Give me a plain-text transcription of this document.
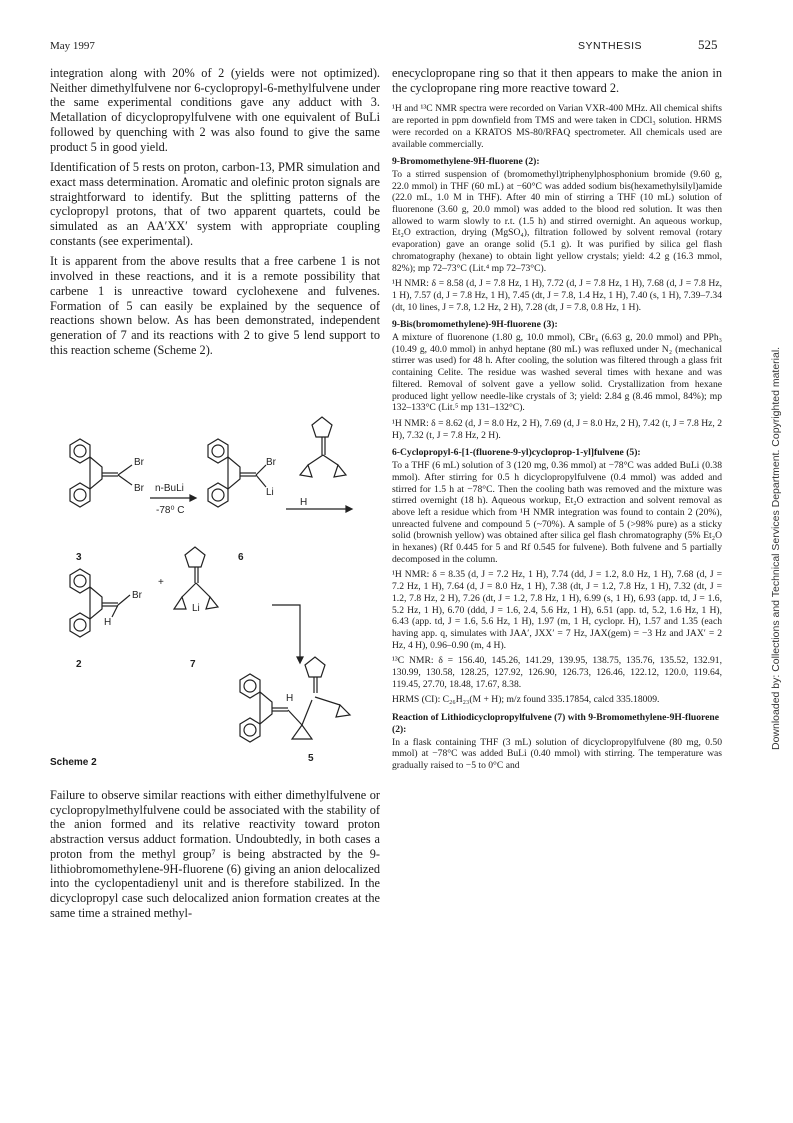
May 1997	SYNTHESIS	525

integration along with 20% of 2 (yields were not optimized). Neither dimethylfulvene nor 6-cyclopropyl-6-methylfulvene under the same experimental conditions gave any adduct with 3. Metallation of dicyclopropylfulvene with one equivalent of BuLi followed by quenching with 2 was also found to give the same product 5 in good yield.

Identification of 5 rests on proton, carbon-13, PMR simulation and exact mass determination. Aromatic and olefinic proton signals are straightforward to identify. But the splitting patterns of the cyclopropyl protons, that of two apparent quartets, could be simulated as an AA′XX′ system with appropriate coupling constants (see experimental).

It is apparent from the above results that a free carbene 1 is not involved in these reactions, and it is a remote possibility that carbene 1 is unreactive toward cyclohexene and fulvenes. Formation of 5 can easily be explained by the sequence of reactions shown below. As has been demonstrated, independent generation of 7 and its reactions with 2 to give 5 lend support to this reaction scheme (Scheme 2).

Br
Br n-BuLi
-78⁰ C
Br
Li
H
Br
H
+
Li
H
3	6
2	7
5
Scheme 2

Failure to observe similar reactions with either dimethylfulvene or cyclopropylmethylfulvene could be associated with the stability of the anion formed and its relative reactivity toward proton abstraction versus adduct formation. Undoubtedly, in both cases a proton from the methyl group⁷ is being abstracted by the 9-lithiobromomethylene-9H-fluorene (6) giving an anion delocalized into the cyclopentadienyl unit and is therefore stabilized. In the dicyclopropyl case such delocalized anion formation creates at the same time a strained methyl-

enecyclopropane ring so that it then appears to make the anion in the cyclopropane ring more reactive toward 2.

¹H and ¹³C NMR spectra were recorded on Varian VXR-400 MHz. All chemical shifts are reported in ppm downfield from TMS and were taken in CDCl₃ solution. HRMS were recorded on a KRATOS MS-80/RFAQ spectrometer. All chemicals used are available commercially.

9-Bromomethylene-9H-fluorene (2):

To a stirred suspension of (bromomethyl)triphenylphosphonium bromide (9.60 g, 22.0 mmol) in THF (60 mL) at −60°C was added sodium bis(hexamethylsilyl)amide (22.0 mL, 1.0 M in THF). After 40 min of stirring a THF (10 mL) solution of fluorenone (3.60 g, 20.0 mmol) was added to the blood red solution. It was then allowed to warm slowly to r.t. (1.5 h) and stirred overnight. An aqueous workup, Et₂O extraction, drying (MgSO₄), filtration followed by solvent removal (rotary evaporation) gave an orange solid (5.1 g). It was purified by silica gel flash chromatography (hexane) to obtain light yellow crystals; yield: 4.2 g (16.3 mmol, 82%); mp 72–73°C (Lit.⁴ mp 72–73°C).

¹H NMR: δ = 8.58 (d, J = 7.8 Hz, 1 H), 7.72 (d, J = 7.8 Hz, 1 H), 7.68 (d, J = 7.8 Hz, 1 H), 7.57 (d, J = 7.8 Hz, 1 H), 7.45 (dt, J = 7.8, 1.4 Hz, 1 H), 7.40 (s, 1 H), 7.39–7.34 (dt, 10 lines, J = 7.8, 1.2 Hz, 2 H), 7.28 (dt, J = 7.8, 0.8 Hz, 1 H).

9-Bis(bromomethylene)-9H-fluorene (3):

A mixture of fluorenone (1.80 g, 10.0 mmol), CBr₄ (6.63 g, 20.0 mmol) and PPh₃ (10.49 g, 40.0 mmol) in anhyd heptane (80 mL) was refluxed under N₂ (mechanical stirrer was used) for 48 h. After cooling, the solution was filtered through a glass frit containing Celite. The residue was washed several times with hexane and was filtered. Removal of solvent gave a yellow solid. Crystallization from hexane produced light yellow needle-like crystals of 3; yield: 2.84 g (8.46 mmol, 84%); mp 132–133°C (Lit.⁵ mp 131–132°C).

¹H NMR: δ = 8.62 (d, J = 8.0 Hz, 2 H), 7.69 (d, J = 8.0 Hz, 2 H), 7.42 (t, J = 7.8 Hz, 2 H), 7.32 (t, J = 7.8 Hz, 2 H).

6-Cyclopropyl-6-[1-(fluorene-9-yl)cycloprop-1-yl]fulvene (5):

To a THF (6 mL) solution of 3 (120 mg, 0.36 mmol) at −78°C was added BuLi (0.38 mmol). After stirring for 0.5 h dicyclopropylfulvene (0.4 mmol) was added and stirred for 1.5 h at −78°C. Then the cooling bath was removed and the mixture was stirred overnight (18 h). Aqueous workup, Et₂O extraction and solvent removal as above left a residue which from ¹H NMR integration was found to contain 2 (20%), unreacted fulvene and compound 5 (~70%). A sample of 5 (>98% pure) as a sticky solid (brownish yellow) was obtained after silica gel flash chromatography (5% Et₂O in hexanes) (Rf 0.445 for 5 and Rf 0.545 for fulvene). Both fulvene and 5 partially decomposed in the column.

¹H NMR: δ = 8.35 (d, J = 7.2 Hz, 1 H), 7.74 (dd, J = 1.2, 8.0 Hz, 1 H), 7.68 (d, J = 7.2 Hz, 1 H), 7.64 (d, J = 8.0 Hz, 1 H), 7.38 (dt, J = 1.2, 7.8 Hz, 1 H), 7.32 (dt, J = 1.2, 7.8 Hz, 2 H), 7.26 (dt, J = 1.2, 7.8 Hz, 1 H), 6.99 (s, 1 H), 6.93 (app. td, J = 1.6, 5.2 Hz, 1 H), 6.70 (ddd, J = 1.6, 2.4, 5.6 Hz, 1 H), 6.51 (app. td, 5.2, 1.6 Hz, 1 H), 6.43 (app. td, J = 1.6, 5.6 Hz, 1 H), 1.97 (m, 1 H, cyclopr. H), 1.57 and 1.35 (each having app. q, simulates with JAA′, JXX′ = 7 Hz, JAX(gem) = −3 Hz and JAX′ = 2 Hz, 4 H), 0.96–0.90 (m, 4 H).

¹³C NMR: δ = 156.40, 145.26, 141.29, 139.95, 138.75, 135.76, 135.52, 132.91, 130.99, 130.58, 128.25, 127.92, 126.90, 126.73, 126.46, 122.12, 120.0, 119.64, 119.45, 27.70, 18.48, 17.67, 8.38.

HRMS (CI): C₂₆H₂₃(M + H); m/z found 335.17854, calcd 335.18009.

Reaction of Lithiodicyclopropylfulvene (7) with 9-Bromomethylene-9H-fluorene (2):

In a flask containing THF (3 mL) solution of dicyclopropylfulvene (80 mg, 0.50 mmol) at −78°C was added BuLi (0.40 mmol) with stirring. The temperature was gradually raised to −5 to 0°C and

Downloaded by: Collections and Technical Services Department. Copyrighted material.
